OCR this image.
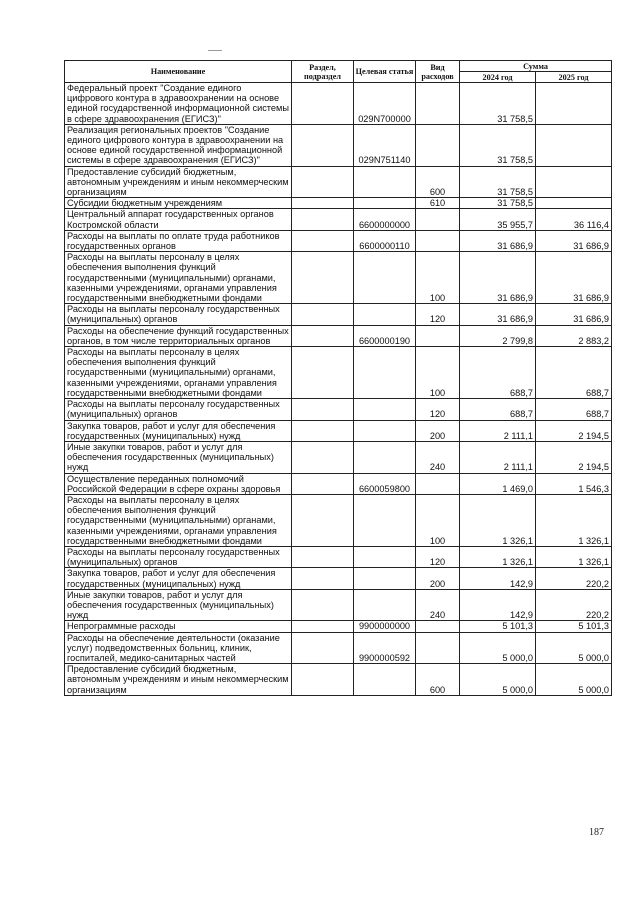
Наименование	Раздел, подраздел	Целевая статья	Вид расходов	Сумма	
				2024 год	2025 год
Федеральный проект "Создание единого цифрового контура в здравоохранении на основе единой государственной информационной системы в сфере здравоохранения (ЕГИСЗ)"		029N700000		31 758,5	
Реализация региональных проектов "Создание единого цифрового контура в здравоохранении на основе единой государственной информационной системы в сфере здравоохранения (ЕГИСЗ)"		029N751140		31 758,5	
Предоставление субсидий бюджетным, автономным учреждениям и иным некоммерческим организациям			600	31 758,5	
Субсидии бюджетным учреждениям			610	31 758,5	
Центральный аппарат государственных органов Костромской области		6600000000		35 955,7	36 116,4
Расходы на выплаты по оплате труда работников государственных органов		6600000110		31 686,9	31 686,9
Расходы на выплаты персоналу в целях обеспечения выполнения функций государственными (муниципальными) органами, казенными учреждениями, органами управления государственными внебюджетными фондами			100	31 686,9	31 686,9
Расходы на выплаты персоналу государственных (муниципальных) органов			120	31 686,9	31 686,9
Расходы на обеспечение функций государственных органов, в том числе территориальных органов		6600000190		2 799,8	2 883,2
Расходы на выплаты персоналу в целях обеспечения выполнения функций государственными (муниципальными) органами, казенными учреждениями, органами управления государственными внебюджетными фондами			100	688,7	688,7
Расходы на выплаты персоналу государственных (муниципальных) органов			120	688,7	688,7
Закупка товаров, работ и услуг для обеспечения государственных (муниципальных) нужд			200	2 111,1	2 194,5
Иные закупки товаров, работ и услуг для обеспечения государственных (муниципальных) нужд			240	2 111,1	2 194,5
Осуществление переданных полномочий Российской Федерации в сфере охраны здоровья		6600059800		1 469,0	1 546,3
Расходы на выплаты персоналу в целях обеспечения выполнения функций государственными (муниципальными) органами, казенными учреждениями, органами управления государственными внебюджетными фондами			100	1 326,1	1 326,1
Расходы на выплаты персоналу государственных (муниципальных) органов			120	1 326,1	1 326,1
Закупка товаров, работ и услуг для обеспечения государственных (муниципальных) нужд			200	142,9	220,2
Иные закупки товаров, работ и услуг для обеспечения государственных (муниципальных) нужд			240	142,9	220,2
Непрограммные расходы		9900000000		5 101,3	5 101,3
Расходы на обеспечение деятельности (оказание услуг) подведомственных больниц, клиник, госпиталей, медико-санитарных частей		9900000592		5 000,0	5 000,0
Предоставление субсидий бюджетным, автономным учреждениям и иным некоммерческим организациям			600	5 000,0	5 000,0
187
